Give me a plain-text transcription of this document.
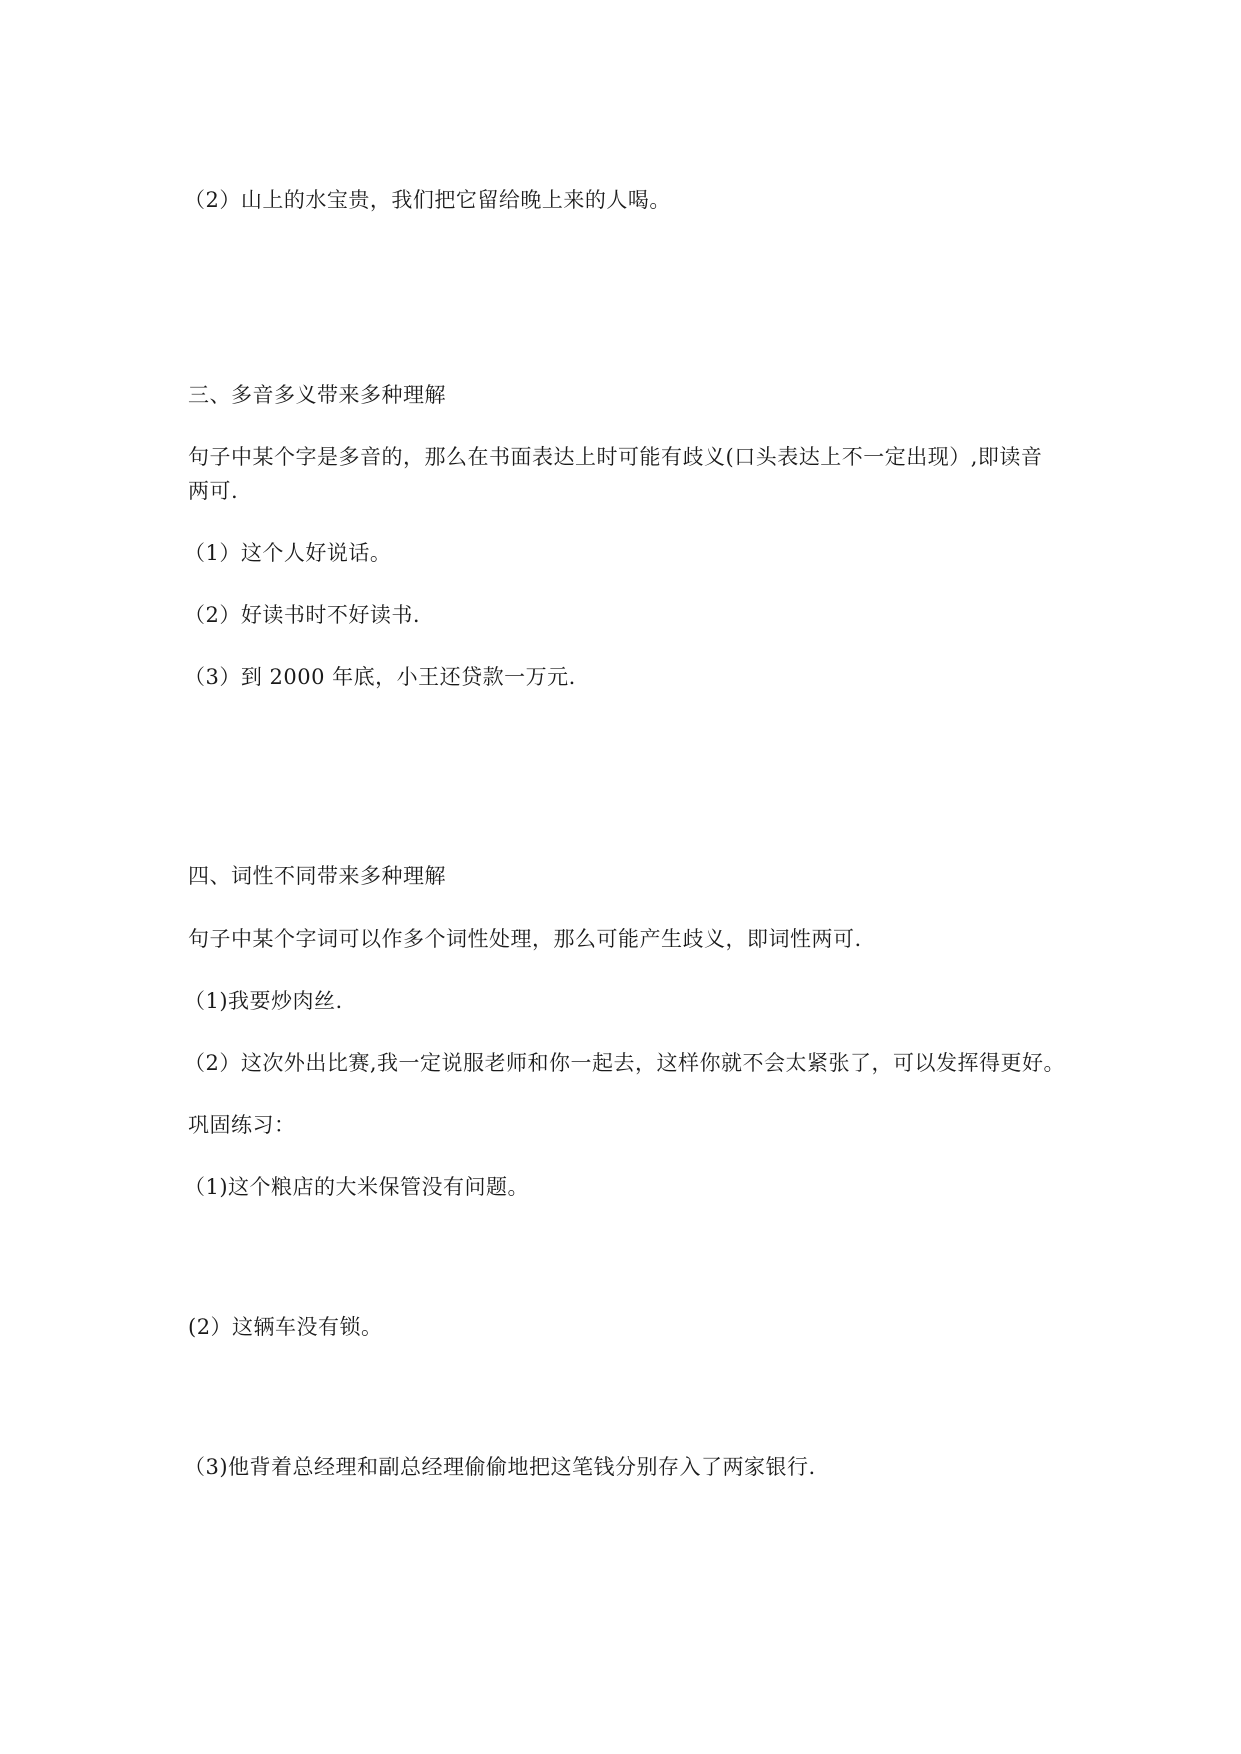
（2）山上的水宝贵，我们把它留给晚上来的人喝。
三、多音多义带来多种理解
句子中某个字是多音的，那么在书面表达上时可能有歧义(口头表达上不一定出现）,即读音
两可.
（1）这个人好说话。
（2）好读书时不好读书.
（3）到 2000 年底，小王还贷款一万元.
四、词性不同带来多种理解
句子中某个字词可以作多个词性处理，那么可能产生歧义，即词性两可.
（1)我要炒肉丝.
（2）这次外出比赛,我一定说服老师和你一起去，这样你就不会太紧张了，可以发挥得更好。
巩固练习：
（1)这个粮店的大米保管没有问题。
(2）这辆车没有锁。
（3)他背着总经理和副总经理偷偷地把这笔钱分别存入了两家银行.
